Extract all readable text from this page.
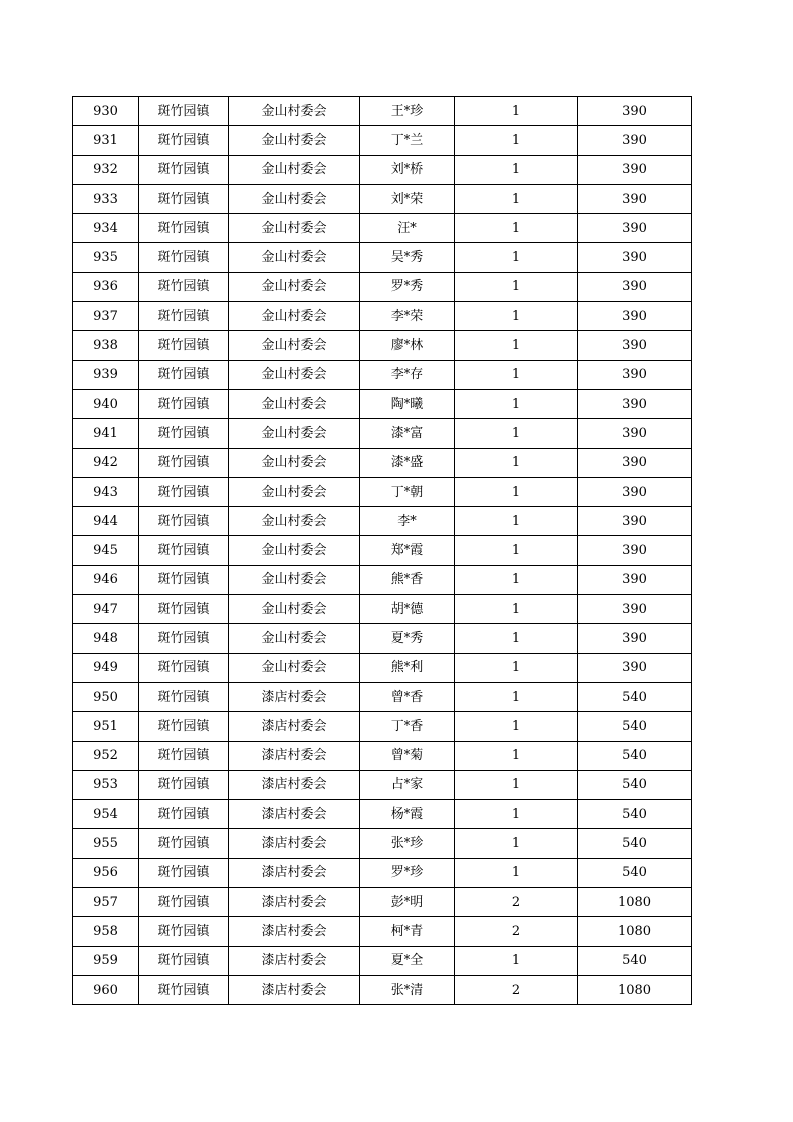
930	斑竹园镇	金山村委会	王*珍	1	390
931	斑竹园镇	金山村委会	丁*兰	1	390
932	斑竹园镇	金山村委会	刘*桥	1	390
933	斑竹园镇	金山村委会	刘*荣	1	390
934	斑竹园镇	金山村委会	汪*	1	390
935	斑竹园镇	金山村委会	吴*秀	1	390
936	斑竹园镇	金山村委会	罗*秀	1	390
937	斑竹园镇	金山村委会	李*荣	1	390
938	斑竹园镇	金山村委会	廖*林	1	390
939	斑竹园镇	金山村委会	李*存	1	390
940	斑竹园镇	金山村委会	陶*曦	1	390
941	斑竹园镇	金山村委会	漆*富	1	390
942	斑竹园镇	金山村委会	漆*盛	1	390
943	斑竹园镇	金山村委会	丁*朝	1	390
944	斑竹园镇	金山村委会	李*	1	390
945	斑竹园镇	金山村委会	郑*霞	1	390
946	斑竹园镇	金山村委会	熊*香	1	390
947	斑竹园镇	金山村委会	胡*德	1	390
948	斑竹园镇	金山村委会	夏*秀	1	390
949	斑竹园镇	金山村委会	熊*利	1	390
950	斑竹园镇	漆店村委会	曾*香	1	540
951	斑竹园镇	漆店村委会	丁*香	1	540
952	斑竹园镇	漆店村委会	曾*菊	1	540
953	斑竹园镇	漆店村委会	占*家	1	540
954	斑竹园镇	漆店村委会	杨*霞	1	540
955	斑竹园镇	漆店村委会	张*珍	1	540
956	斑竹园镇	漆店村委会	罗*珍	1	540
957	斑竹园镇	漆店村委会	彭*明	2	1080
958	斑竹园镇	漆店村委会	柯*青	2	1080
959	斑竹园镇	漆店村委会	夏*全	1	540
960	斑竹园镇	漆店村委会	张*清	2	1080
